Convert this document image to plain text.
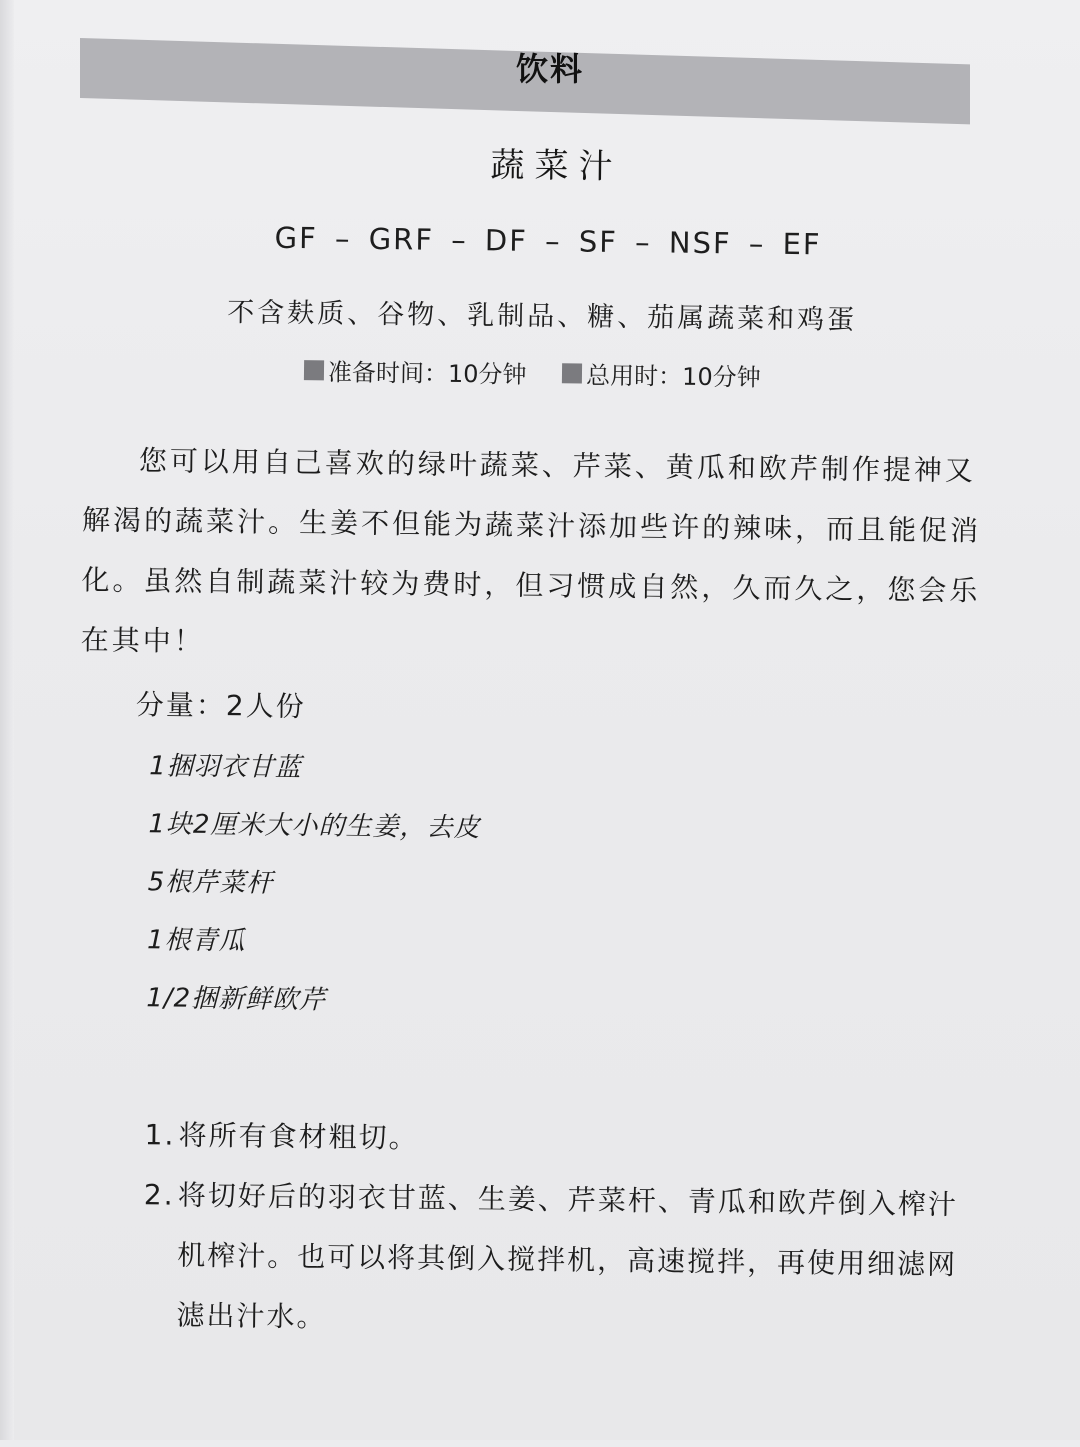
饮料
蔬菜汁
GF – GRF – DF – SF – NSF – EF
不含麸质、谷物、乳制品、糖、茄属蔬菜和鸡蛋
准备时间：10分钟
总用时：10分钟

您可以用自己喜欢的绿叶蔬菜、芹菜、黄瓜和欧芹制作提神又解渴的蔬菜汁。生姜不但能为蔬菜汁添加些许的辣味，而且能促消化。虽然自制蔬菜汁较为费时，但习惯成自然，久而久之，您会乐在其中！

分量：2人份
1捆羽衣甘蓝
1块2厘米大小的生姜，去皮
5根芹菜杆
1根青瓜
1/2捆新鲜欧芹
1. 将所有食材粗切。
2. 将切好后的羽衣甘蓝、生姜、芹菜杆、青瓜和欧芹倒入榨汁机榨汁。也可以将其倒入搅拌机，高速搅拌，再使用细滤网滤出汁水。
